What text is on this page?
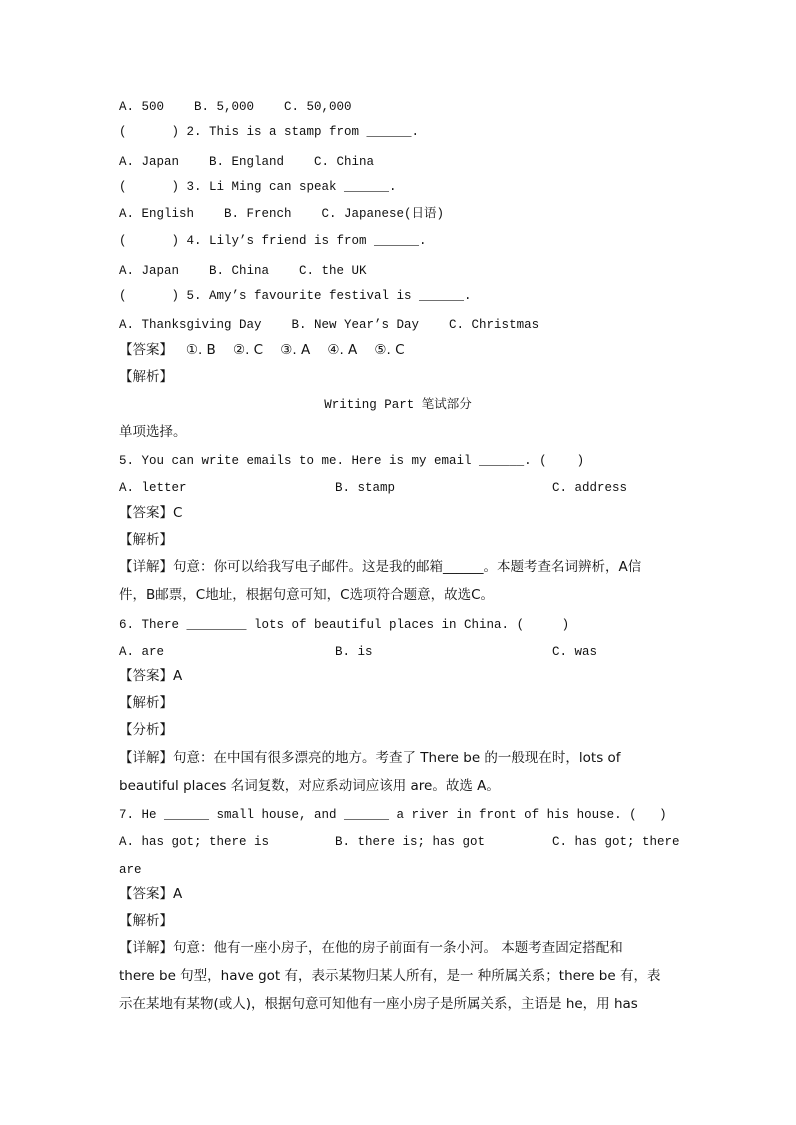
A. 500    B. 5,000    C. 50,000
(      ) 2. This is a stamp from ______.
A. Japan    B. England    C. China
(      ) 3. Li Ming can speak ______.
A. English    B. French    C. Japanese(日语)
(      ) 4. Lily’s friend is from ______.
A. Japan    B. China    C. the UK
(      ) 5. Amy’s favourite festival is ______.
A. Thanksgiving Day    B. New Year’s Day    C. Christmas
【答案】   ①. B    ②. C    ③. A    ④. A    ⑤. C
【解析】
Writing Part 笔试部分
单项选择。
5. You can write emails to me. Here is my email ______. (    )
A. letter	B. stamp	C. address
【答案】C
【解析】
【详解】句意：你可以给我写电子邮件。这是我的邮箱______。本题考查名词辨析，A信
件，B邮票，C地址，根据句意可知，C选项符合题意，故选C。
6. There ________ lots of beautiful places in China. (     )
A. are	B. is	C. was
【答案】A
【解析】
【分析】
【详解】句意：在中国有很多漂亮的地方。考查了 There be 的一般现在时，lots of
beautiful places 名词复数，对应系动词应该用 are。故选 A。
7. He ______ small house, and ______ a river in front of his house. (   )
A. has got; there is	B. there is; has got	C. has got; there
are
【答案】A
【解析】
【详解】句意：他有一座小房子，在他的房子前面有一条小河。 本题考查固定搭配和
there be 句型，have got 有，表示某物归某人所有，是一 种所属关系；there be 有，表
示在某地有某物(或人)，根据句意可知他有一座小房子是所属关系，主语是 he，用 has
